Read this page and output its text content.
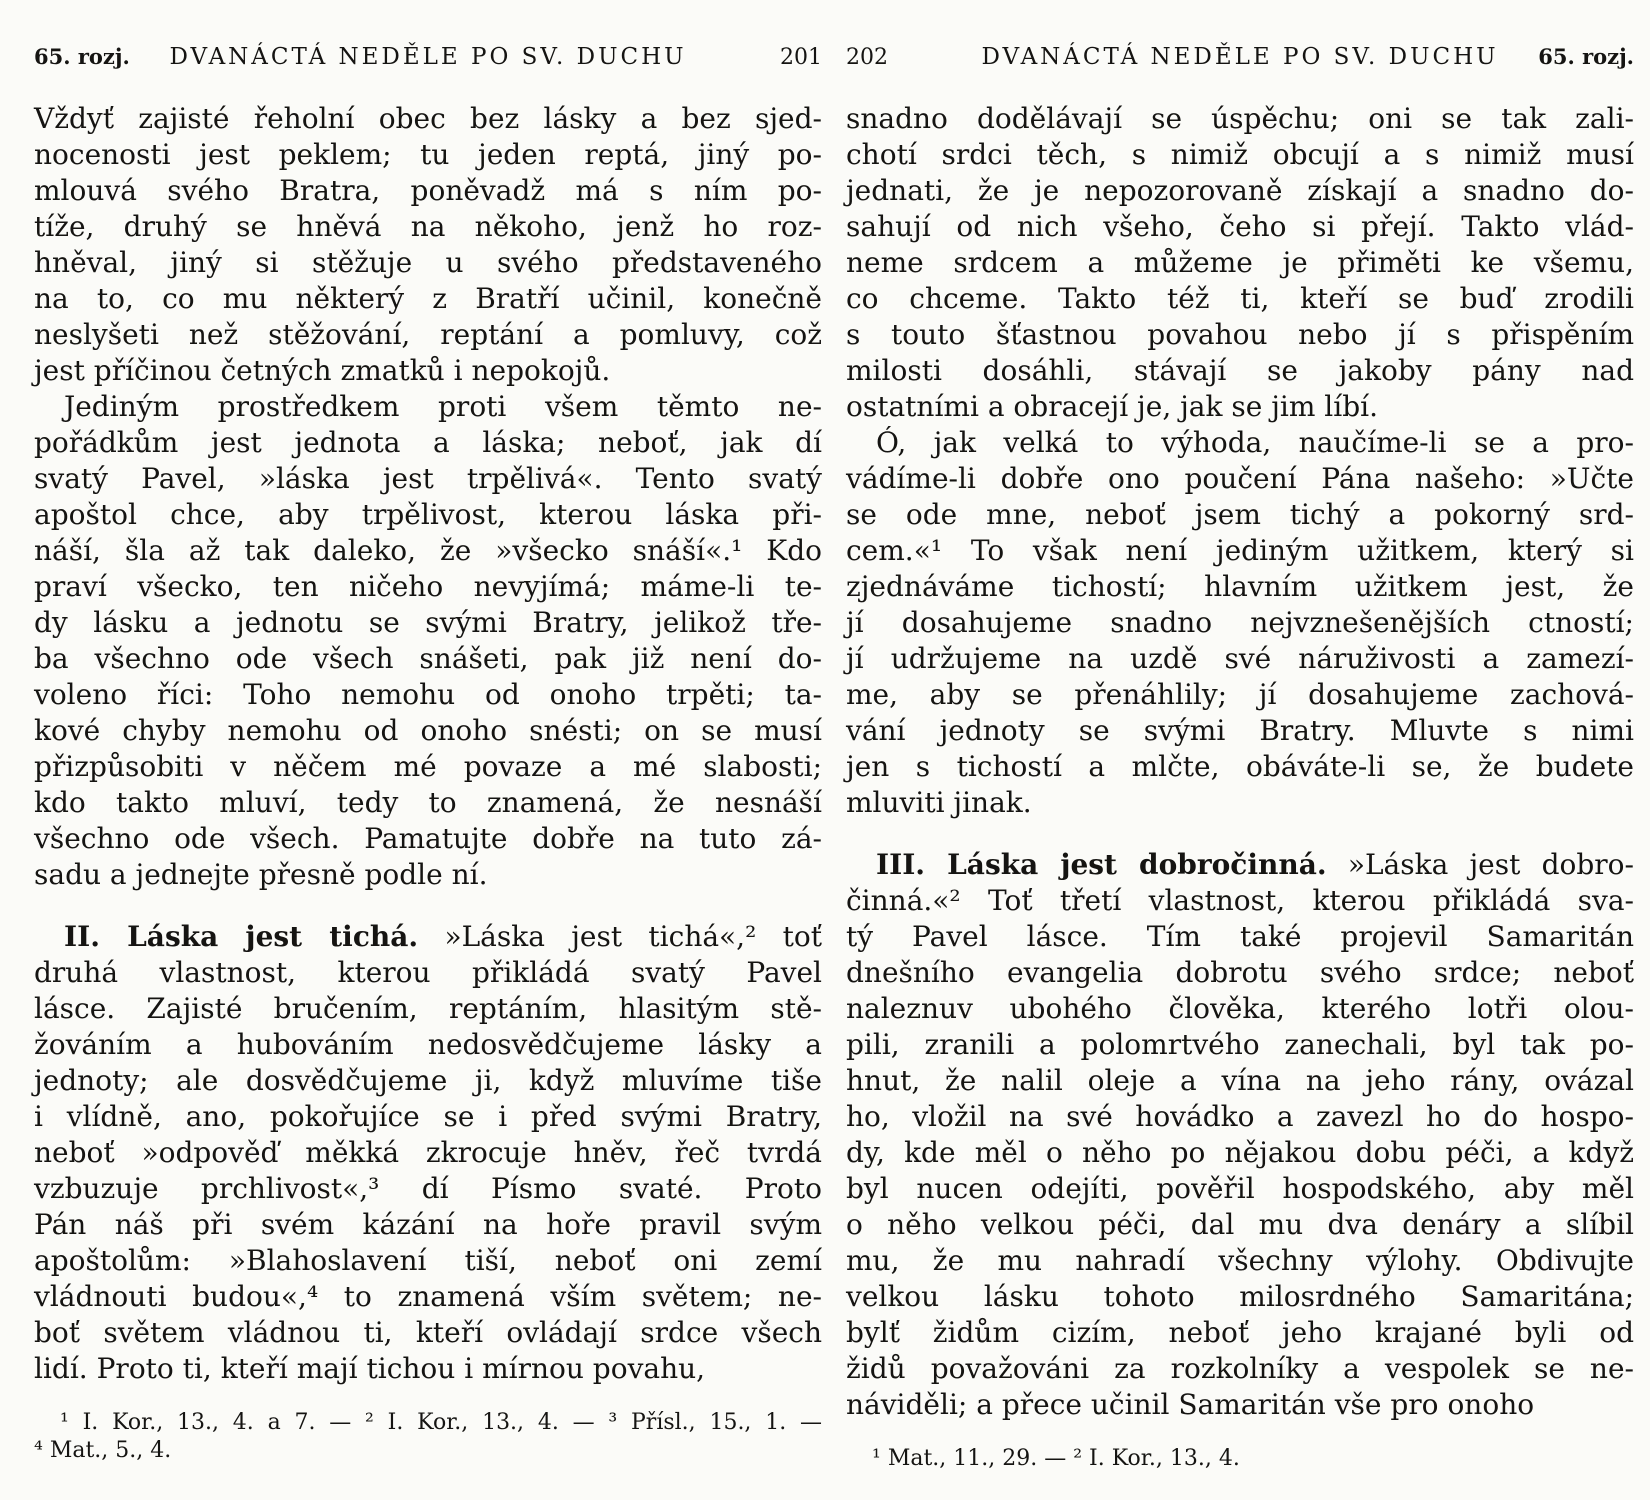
65. rozj.	DVANÁCTÁ NEDĚLE PO SV. DUCHU	201
Vždyť zajisté řeholní obec bez lásky a bez sjed-
nocenosti jest peklem; tu jeden reptá, jiný po-
mlouvá svého Bratra, poněvadž má s ním po-
tíže, druhý se hněvá na někoho, jenž ho roz-
hněval, jiný si stěžuje u svého představeného
na to, co mu některý z Bratří učinil, konečně
neslyšeti než stěžování, reptání a pomluvy, což
jest příčinou četných zmatků i nepokojů.
Jediným prostředkem proti všem těmto ne-
pořádkům jest jednota a láska; neboť, jak dí
svatý Pavel, »láska jest trpělivá«. Tento svatý
apoštol chce, aby trpělivost, kterou láska při-
náší, šla až tak daleko, že »všecko snáší«.¹ Kdo
praví všecko, ten ničeho nevyjímá; máme-li te-
dy lásku a jednotu se svými Bratry, jelikož tře-
ba všechno ode všech snášeti, pak již není do-
voleno říci: Toho nemohu od onoho trpěti; ta-
kové chyby nemohu od onoho snésti; on se musí
přizpůsobiti v něčem mé povaze a mé slabosti;
kdo takto mluví, tedy to znamená, že nesnáší
všechno ode všech. Pamatujte dobře na tuto zá-
sadu a jednejte přesně podle ní.
II. Láska jest tichá. »Láska jest tichá«,² toť
druhá vlastnost, kterou přikládá svatý Pavel
lásce. Zajisté bručením, reptáním, hlasitým stě-
žováním a hubováním nedosvědčujeme lásky a
jednoty; ale dosvědčujeme ji, když mluvíme tiše
i vlídně, ano, pokořujíce se i před svými Bratry,
neboť »odpověď měkká zkrocuje hněv, řeč tvrdá
vzbuzuje prchlivost«,³ dí Písmo svaté. Proto
Pán náš při svém kázání na hoře pravil svým
apoštolům: »Blahoslavení tiší, neboť oni zemí
vládnouti budou«,⁴ to znamená vším světem; ne-
boť světem vládnou ti, kteří ovládají srdce všech
lidí. Proto ti, kteří mají tichou i mírnou povahu,
¹ I. Kor., 13., 4. a 7. — ² I. Kor., 13., 4. — ³ Přísl., 15., 1. —
⁴ Mat., 5., 4.
202	DVANÁCTÁ NEDĚLE PO SV. DUCHU	65. rozj.
snadno dodělávají se úspěchu; oni se tak zali-
chotí srdci těch, s nimiž obcují a s nimiž musí
jednati, že je nepozorovaně získají a snadno do-
sahují od nich všeho, čeho si přejí. Takto vlád-
neme srdcem a můžeme je přiměti ke všemu,
co chceme. Takto též ti, kteří se buď zrodili
s touto šťastnou povahou nebo jí s přispěním
milosti dosáhli, stávají se jakoby pány nad
ostatními a obracejí je, jak se jim líbí.
Ó, jak velká to výhoda, naučíme-li se a pro-
vádíme-li dobře ono poučení Pána našeho: »Učte
se ode mne, neboť jsem tichý a pokorný srd-
cem.«¹ To však není jediným užitkem, který si
zjednáváme tichostí; hlavním užitkem jest, že
jí dosahujeme snadno nejvznešenějších ctností;
jí udržujeme na uzdě své náruživosti a zamezí-
me, aby se přenáhlily; jí dosahujeme zachová-
vání jednoty se svými Bratry. Mluvte s nimi
jen s tichostí a mlčte, obáváte-li se, že budete
mluviti jinak.
III. Láska jest dobročinná. »Láska jest dobro-
činná.«² Toť třetí vlastnost, kterou přikládá sva-
tý Pavel lásce. Tím také projevil Samaritán
dnešního evangelia dobrotu svého srdce; neboť
naleznuv ubohého člověka, kterého lotři olou-
pili, zranili a polomrtvého zanechali, byl tak po-
hnut, že nalil oleje a vína na jeho rány, ovázal
ho, vložil na své hovádko a zavezl ho do hospo-
dy, kde měl o něho po nějakou dobu péči, a když
byl nucen odejíti, pověřil hospodského, aby měl
o něho velkou péči, dal mu dva denáry a slíbil
mu, že mu nahradí všechny výlohy. Obdivujte
velkou lásku tohoto milosrdného Samaritána;
bylť židům cizím, neboť jeho krajané byli od
židů považováni za rozkolníky a vespolek se ne-
náviděli; a přece učinil Samaritán vše pro onoho
¹ Mat., 11., 29. — ² I. Kor., 13., 4.
